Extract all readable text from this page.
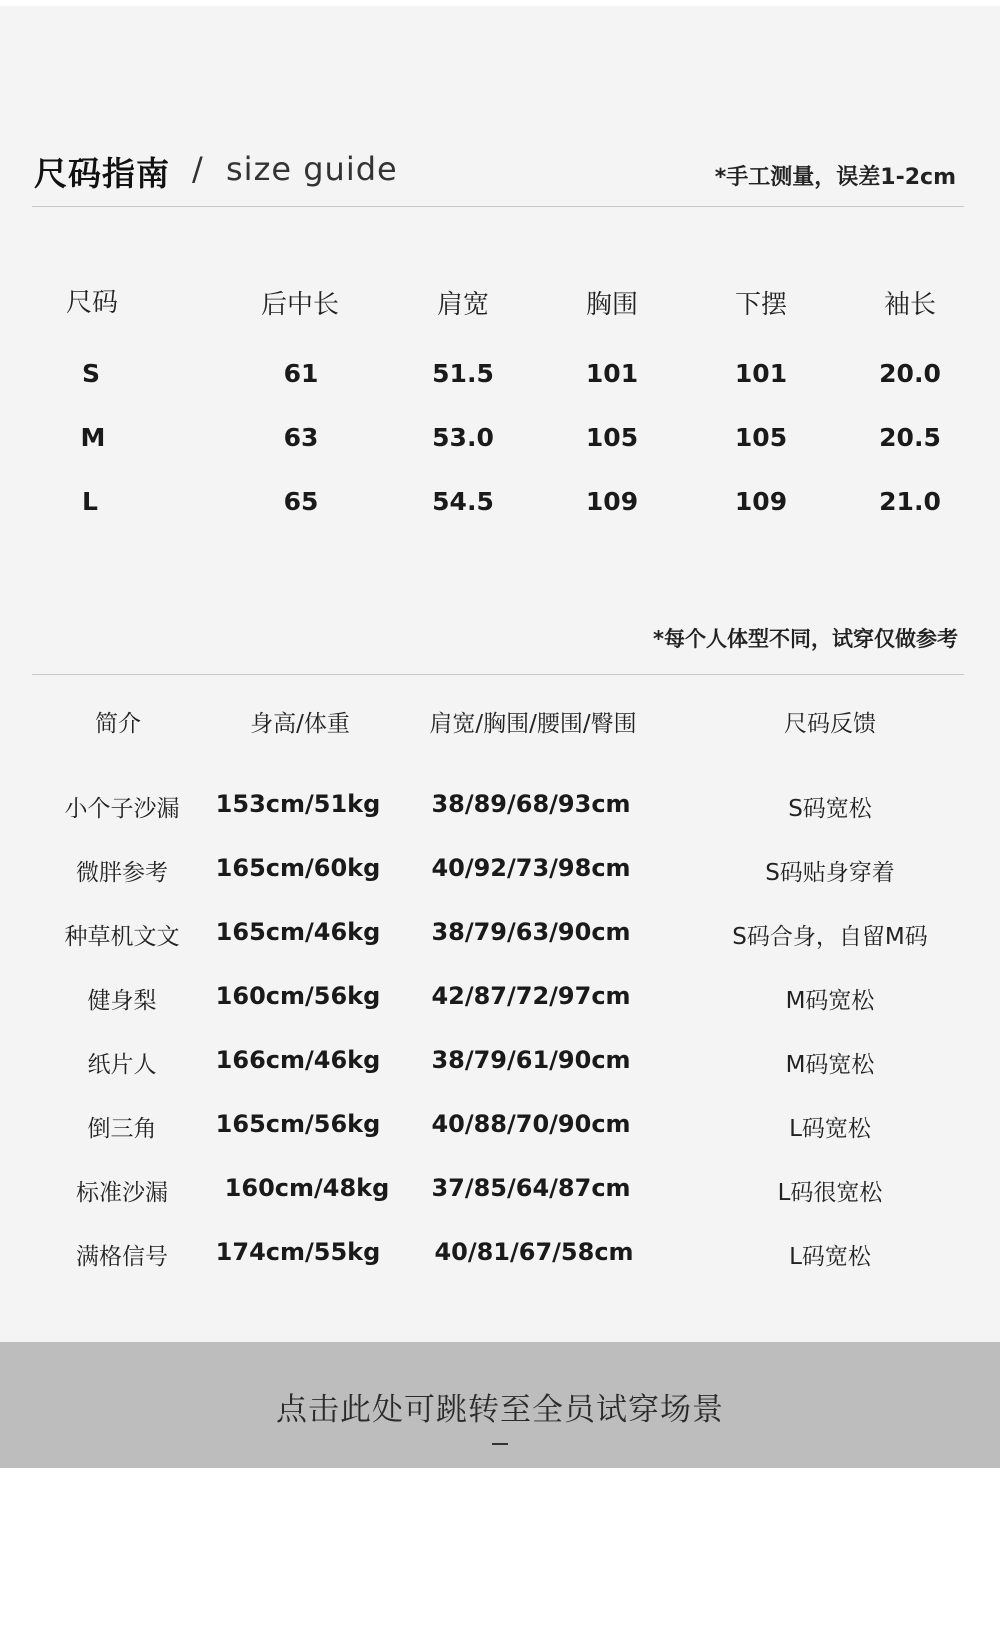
尺码指南 / size guide	*手工测量，误差1-2cm
尺码	后中长	肩宽	胸围	下摆	袖长
S	61	51.5	101	101	20.0
M	63	53.0	105	105	20.5
L	65	54.5	109	109	21.0
*每个人体型不同，试穿仅做参考
简介	身高/体重	肩宽/胸围/腰围/臀围	尺码反馈
小个子沙漏 153cm/51kg 38/89/68/93cm	S码宽松
微胖参考 165cm/60kg 40/92/73/98cm	S码贴身穿着
种草机文文 165cm/46kg 38/79/63/90cm	S码合身，自留M码
健身梨 160cm/56kg 42/87/72/97cm	M码宽松
纸片人 166cm/46kg 38/79/61/90cm	M码宽松
倒三角 165cm/56kg 40/88/70/90cm	L码宽松
标准沙漏 160cm/48kg 37/85/64/87cm	L码很宽松
满格信号 174cm/55kg 40/81/67/58cm	L码宽松
点击此处可跳转至全员试穿场景
